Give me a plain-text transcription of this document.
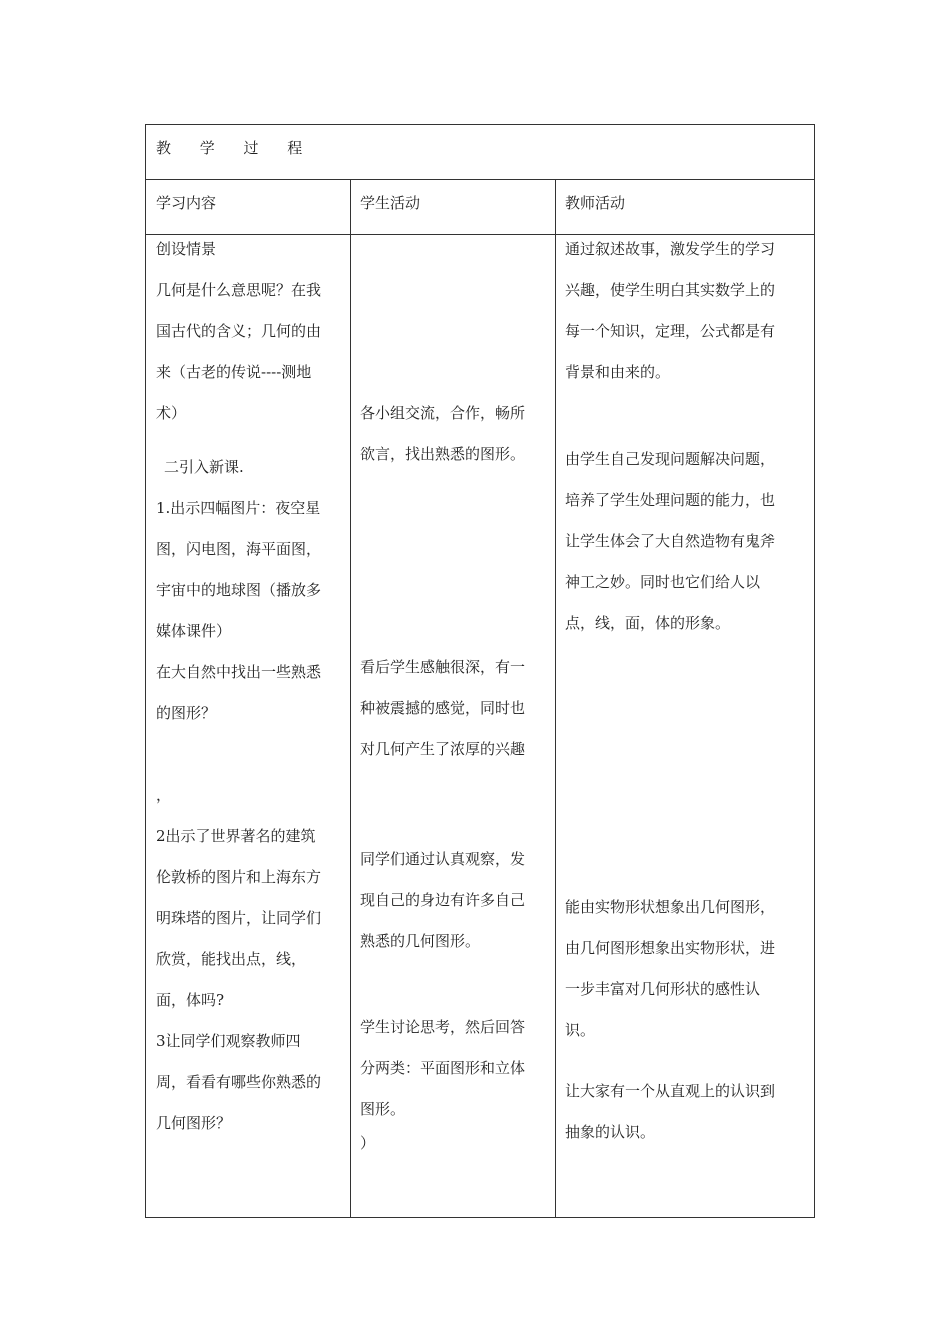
教 学 过 程
学习内容	学生活动	教师活动
创设情景
几何是什么意思呢？在我
国古代的含义；几何的由
来（古老的传说----测地
术）
二引入新课.
1.出示四幅图片：夜空星
图，闪电图，海平面图，
宇宙中的地球图（播放多
媒体课件）
在大自然中找出一些熟悉
的图形？
，
2出示了世界著名的建筑
伦敦桥的图片和上海东方
明珠塔的图片，让同学们
欣赏，能找出点，线，
面，体吗?
3让同学们观察教师四
周，看看有哪些你熟悉的
几何图形？
各小组交流，合作，畅所
欲言，找出熟悉的图形。
看后学生感触很深，有一
种被震撼的感觉，同时也
对几何产生了浓厚的兴趣
同学们通过认真观察，发
现自己的身边有许多自己
熟悉的几何图形。
学生讨论思考，然后回答
分两类：平面图形和立体
图形。
）
通过叙述故事，激发学生的学习
兴趣，使学生明白其实数学上的
每一个知识，定理，公式都是有
背景和由来的。
由学生自己发现问题解决问题，
培养了学生处理问题的能力，也
让学生体会了大自然造物有鬼斧
神工之妙。同时也它们给人以
点，线，面，体的形象。
能由实物形状想象出几何图形，
由几何图形想象出实物形状，进
一步丰富对几何形状的感性认
识。
让大家有一个从直观上的认识到
抽象的认识。
